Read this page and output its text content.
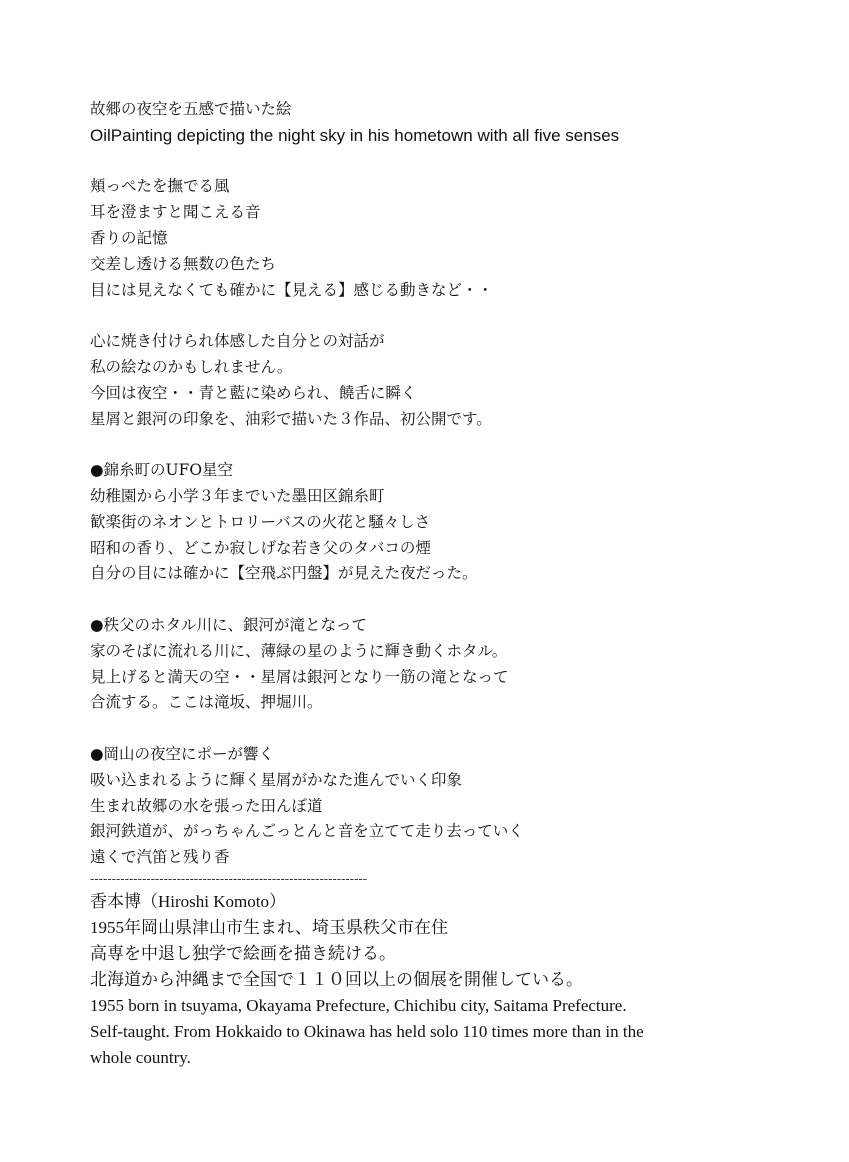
故郷の夜空を五感で描いた絵
OilPainting depicting the night sky in his hometown with all five senses
頬っぺたを撫でる風
耳を澄ますと聞こえる音
香りの記憶
交差し透ける無数の色たち
目には見えなくても確かに【見える】感じる動きなど・・
心に焼き付けられ体感した自分との対話が
私の絵なのかもしれません。
今回は夜空・・青と藍に染められ、饒舌に瞬く
星屑と銀河の印象を、油彩で描いた３作品、初公開です。
●錦糸町のUFO星空
幼稚園から小学３年までいた墨田区錦糸町
歓楽街のネオンとトロリーバスの火花と騒々しさ
昭和の香り、どこか寂しげな若き父のタバコの煙
自分の目には確かに【空飛ぶ円盤】が見えた夜だった。
●秩父のホタル川に、銀河が滝となって
家のそばに流れる川に、薄緑の星のように輝き動くホタル。
見上げると満天の空・・星屑は銀河となり一筋の滝となって
合流する。ここは滝坂、押堀川。
●岡山の夜空にポーが響く
吸い込まれるように輝く星屑がかなた進んでいく印象
生まれ故郷の水を張った田んぼ道
銀河鉄道が、がっちゃんごっとんと音を立てて走り去っていく
遠くで汽笛と残り香
----------------------------------------------------------------
香本博（Hiroshi Komoto）
1955年岡山県津山市生まれ、埼玉県秩父市在住
高専を中退し独学で絵画を描き続ける。
北海道から沖縄まで全国で１１０回以上の個展を開催している。
1955 born in tsuyama, Okayama Prefecture, Chichibu city, Saitama Prefecture.
Self-taught. From Hokkaido to Okinawa has held solo 110 times more than in the
whole country.
